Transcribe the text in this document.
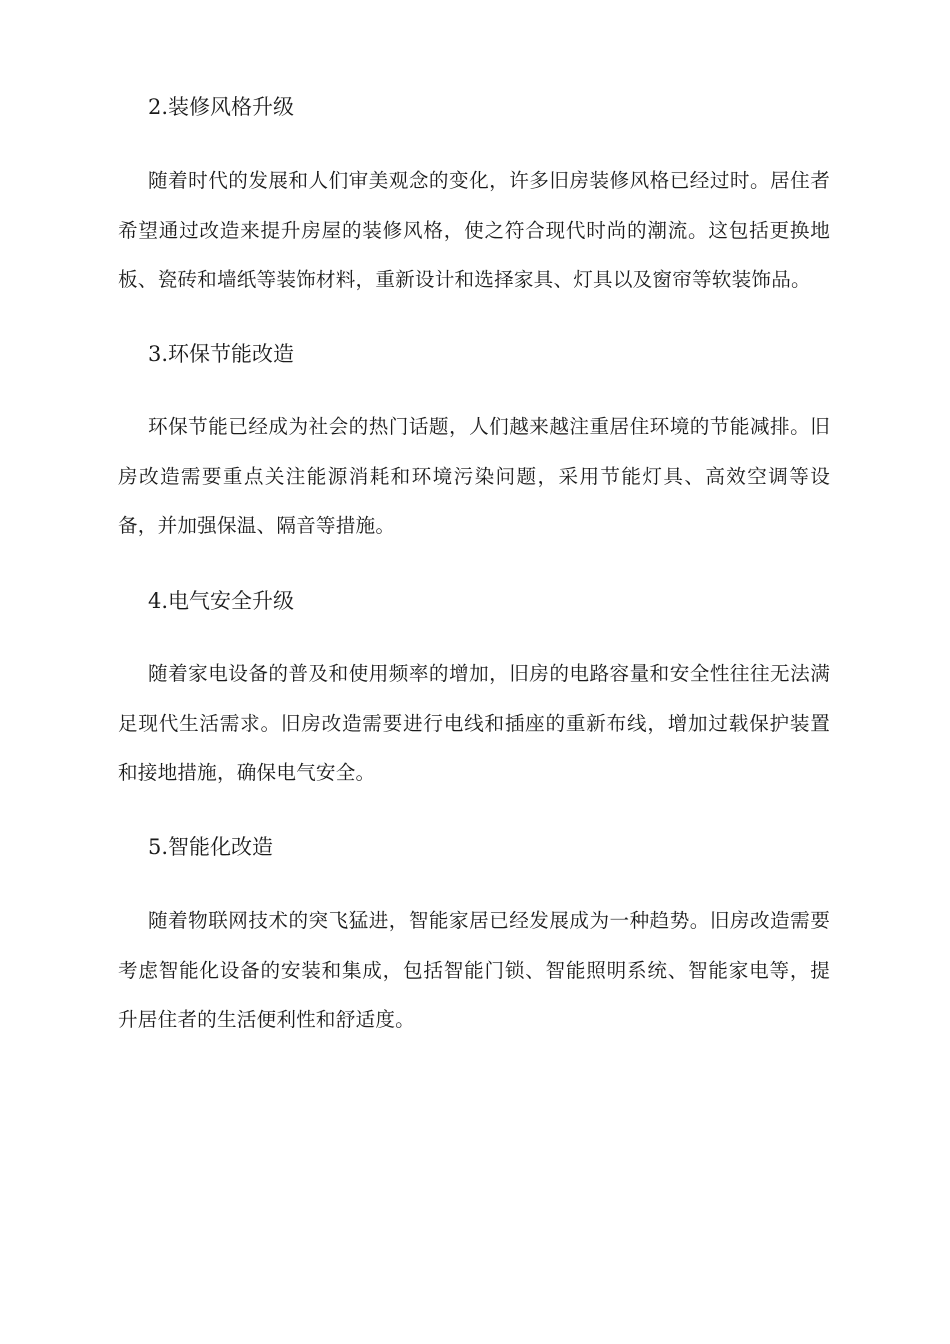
2.装修风格升级

随着时代的发展和人们审美观念的变化，许多旧房装修风格已经过时。居住者希望通过改造来提升房屋的装修风格，使之符合现代时尚的潮流。这包括更换地板、瓷砖和墙纸等装饰材料，重新设计和选择家具、灯具以及窗帘等软装饰品。

3.环保节能改造

环保节能已经成为社会的热门话题，人们越来越注重居住环境的节能减排。旧房改造需要重点关注能源消耗和环境污染问题，采用节能灯具、高效空调等设备，并加强保温、隔音等措施。

4.电气安全升级

随着家电设备的普及和使用频率的增加，旧房的电路容量和安全性往往无法满足现代生活需求。旧房改造需要进行电线和插座的重新布线，增加过载保护装置和接地措施，确保电气安全。

5.智能化改造

随着物联网技术的突飞猛进，智能家居已经发展成为一种趋势。旧房改造需要考虑智能化设备的安装和集成，包括智能门锁、智能照明系统、智能家电等，提升居住者的生活便利性和舒适度。
